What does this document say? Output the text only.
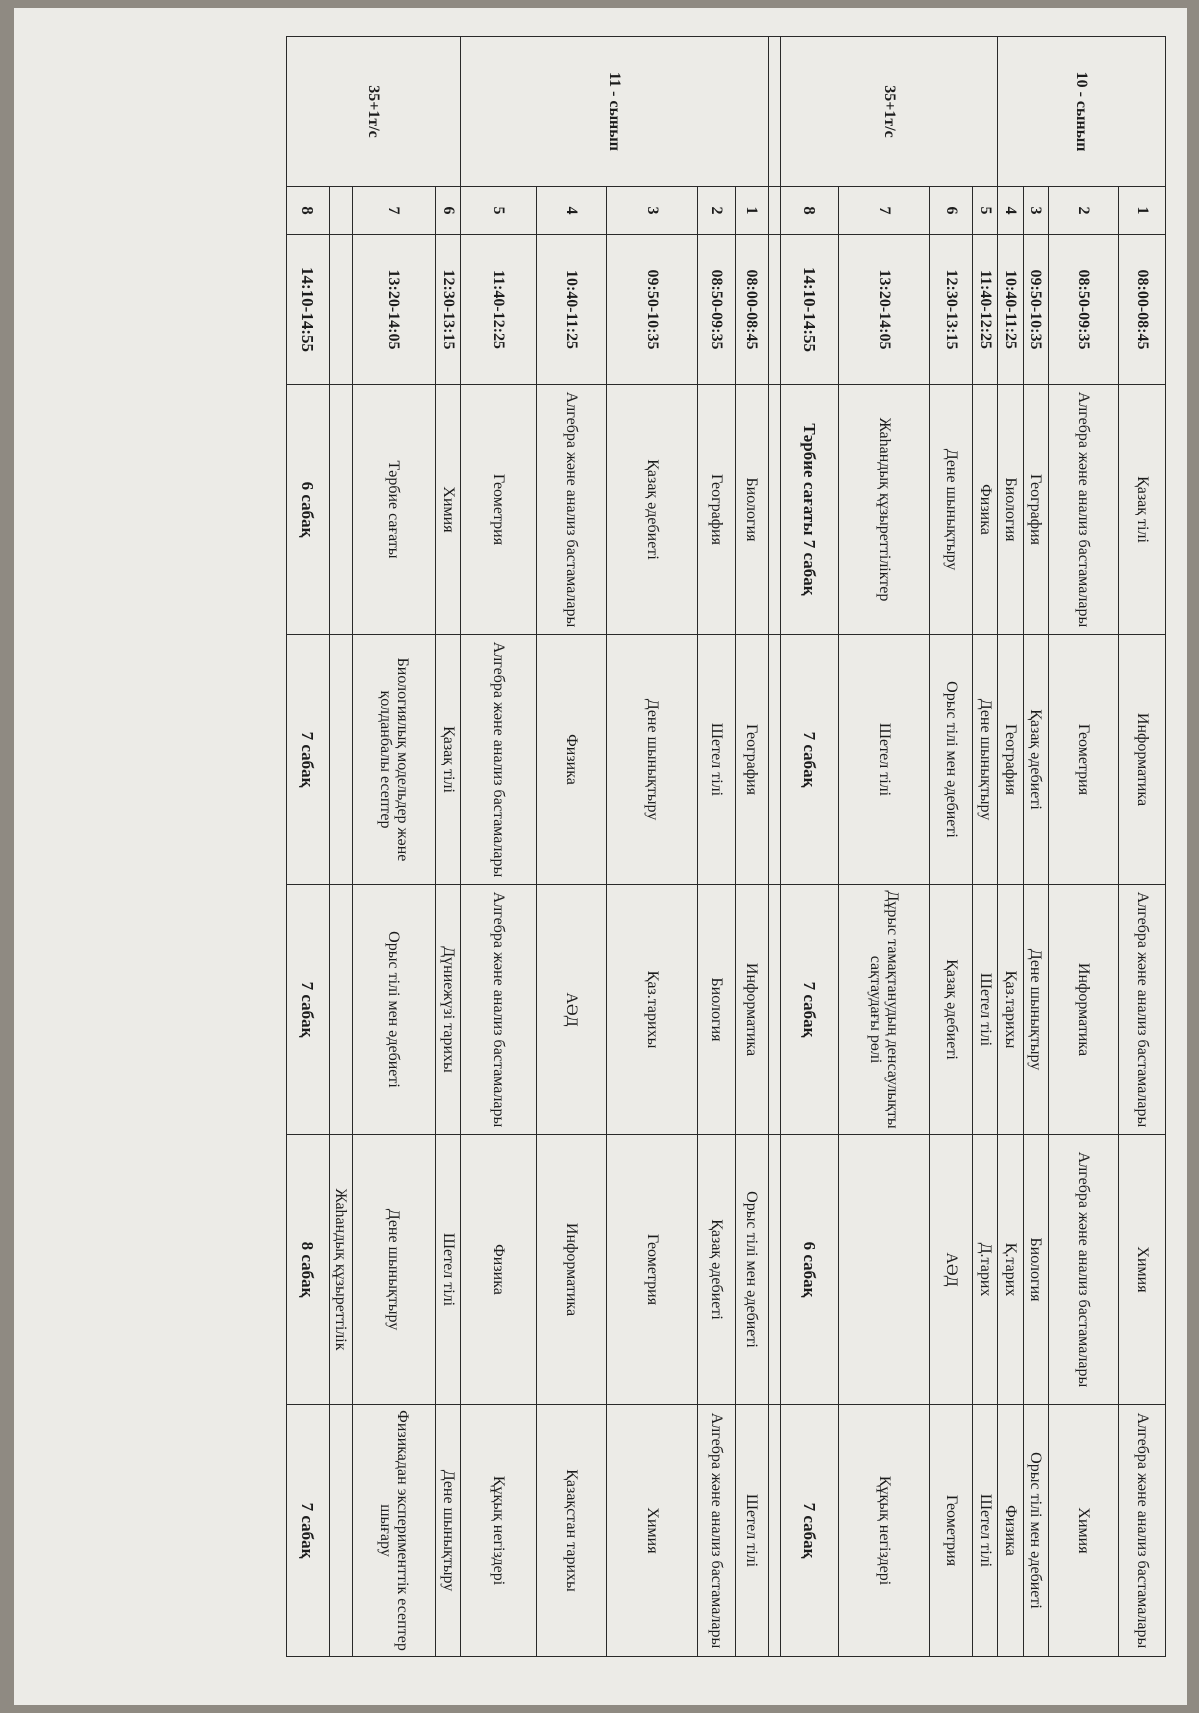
10 - сынып	1	08:00-08:45	Қазақ тілі	Информатика	Алгебра және анализ бастамалары	Химия	Алгебра және анализ бастамалары
	2	08:50-09:35	Алгебра және анализ бастамалары	Геометрия	Информатика	Алгебра және анализ бастамалары	Химия
	3	09:50-10:35	География	Қазақ әдебиеті	Дене шынықтыру	Биология	Орыс тілі мен әдебиеті
	4	10:40-11:25	Биология	География	Қаз.тарихы	Қ.тарих	Физика
35+1т/с	5	11:40-12:25	Физика	Дене шынықтыру	Шетел тілі	Д.тарих	Шетел тілі
	6	12:30-13:15	Дене шынықтыру	Орыс тілі мен әдебиеті	Қазақ әдебиеті	АӘД	Геометрия
	7	13:20-14:05	Жаһандық құзыреттіліктер	Шетел тілі	Дұрыс тамақтанудың денсаулықты сақтаудағы рөлі		Құқық негіздері
	8	14:10-14:55	Тәрбие сағаты 7 сабақ	7 сабақ	7 сабақ	6 сабақ	7 сабақ

11 - сынып	1	08:00-08:45	Биология	География	Информатика	Орыс тілі мен әдебиеті	Шетел тілі
	2	08:50-09:35	География	Шетел тілі	Биология	Қазақ әдебиеті	Алгебра және анализ бастамалары
	3	09:50-10:35	Қазақ әдебиеті	Дене шынықтыру	Қаз.тарихы	Геометрия	Химия
	4	10:40-11:25	Алгебра және анализ бастамалары	Физика	АӘД	Информатика	Қазақстан тарихы
	5	11:40-12:25	Геометрия	Алгебра және анализ бастамалары	Алгебра және анализ бастамалары	Физика	Құқық негіздері
35+1т/с	6	12:30-13:15	Химия	Қазақ тілі	Дүниежүзі тарихы	Шетел тілі	Дене шынықтыру
	7	13:20-14:05	Тәрбие сағаты	Биологиялық модельдер және қолданбалы есептер	Орыс тілі мен әдебиеті	Дене шынықтыру	Физикадан эксперименттік есептер шығару
						Жаһандық құзыреттілік	
	8	14:10-14:55	6 сабақ	7 сабақ	7 сабақ	8 сабақ	7 сабақ
